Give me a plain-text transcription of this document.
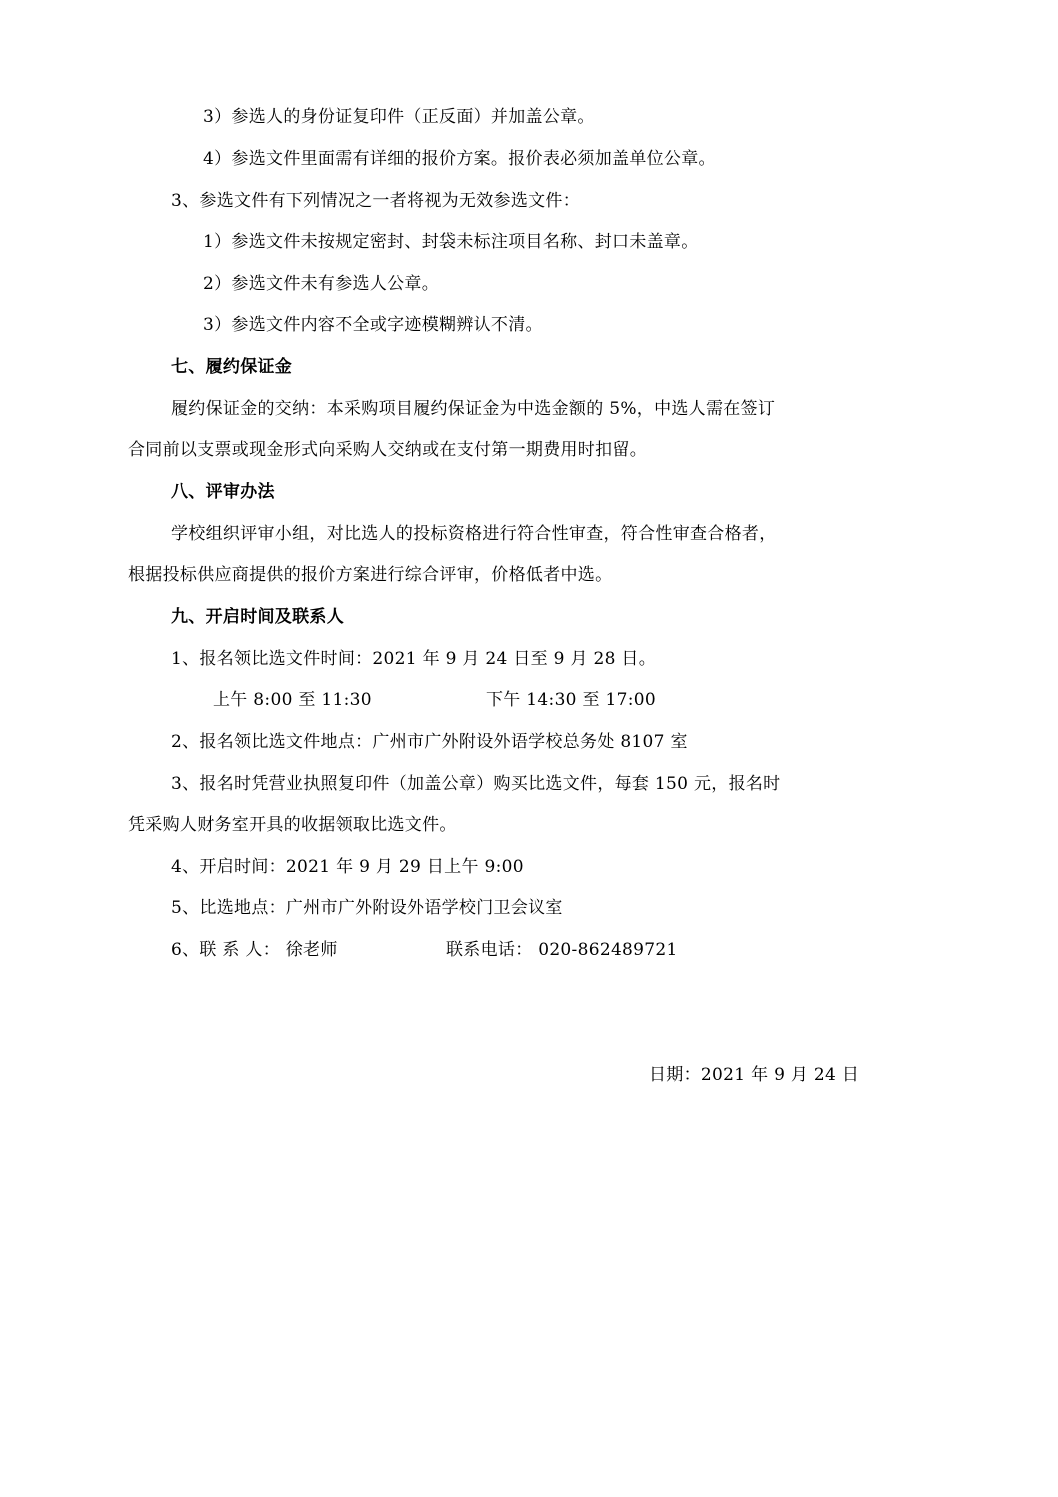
3）参选人的身份证复印件（正反面）并加盖公章。
4）参选文件里面需有详细的报价方案。报价表必须加盖单位公章。
3、参选文件有下列情况之一者将视为无效参选文件：
1）参选文件未按规定密封、封袋未标注项目名称、封口未盖章。
2）参选文件未有参选人公章。
3）参选文件内容不全或字迹模糊辨认不清。
七、履约保证金
履约保证金的交纳：本采购项目履约保证金为中选金额的 5%，中选人需在签订
合同前以支票或现金形式向采购人交纳或在支付第一期费用时扣留。
八、评审办法
学校组织评审小组，对比选人的投标资格进行符合性审查，符合性审查合格者，
根据投标供应商提供的报价方案进行综合评审，价格低者中选。
九、开启时间及联系人
1、报名领比选文件时间：2021 年 9 月 24 日至 9 月 28 日。
上午 8:00 至 11:30	下午 14:30 至 17:00
2、报名领比选文件地点：广州市广外附设外语学校总务处 8107 室
3、报名时凭营业执照复印件（加盖公章）购买比选文件，每套 150 元，报名时
凭采购人财务室开具的收据领取比选文件。
4、开启时间：2021 年 9 月 29 日上午 9:00
5、比选地点：广州市广外附设外语学校门卫会议室
6、联 系 人： 徐老师	联系电话： 020-862489721
日期：2021 年 9 月 24 日
